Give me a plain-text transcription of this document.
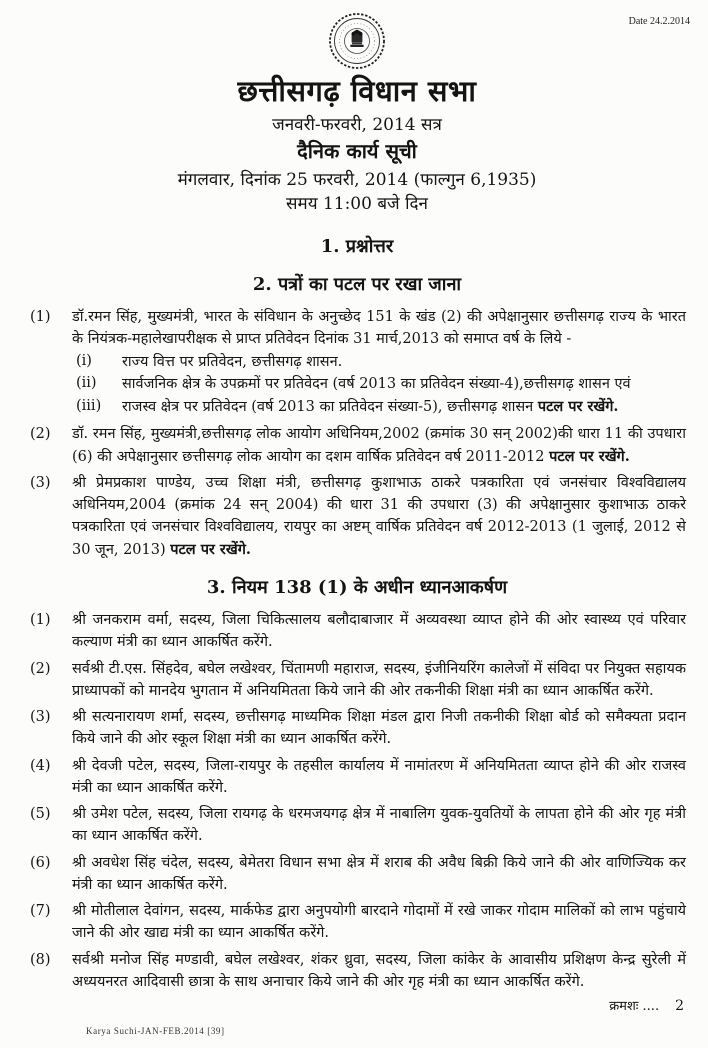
Date 24.2.2014
छत्तीसगढ़ विधान सभा
जनवरी-फरवरी, 2014 सत्र
दैनिक कार्य सूची
मंगलवार, दिनांक 25 फरवरी, 2014 (फाल्गुन 6,1935)
समय 11:00 बजे दिन
1. प्रश्नोत्तर
2. पत्रों का पटल पर रखा जाना
(1)	डॉ.रमन सिंह, मुख्यमंत्री, भारत के संविधान के अनुच्छेद 151 के खंड (2) की अपेक्षानुसार छत्तीसगढ़ राज्य के भारत के नियंत्रक-महालेखापरीक्षक से प्राप्त प्रतिवेदन दिनांक 31 मार्च,2013 को समाप्त वर्ष के लिये -
(i)	राज्य वित्त पर प्रतिवेदन, छत्तीसगढ़ शासन.
(ii)	सार्वजनिक क्षेत्र के उपक्रमों पर प्रतिवेदन (वर्ष 2013 का प्रतिवेदन संख्या-4),छत्तीसगढ़ शासन एवं
(iii)	राजस्व क्षेत्र पर प्रतिवेदन (वर्ष 2013 का प्रतिवेदन संख्या-5), छत्तीसगढ़ शासन पटल पर रखेंगे.
(2)	डॉ. रमन सिंह, मुख्यमंत्री,छत्तीसगढ़ लोक आयोग अधिनियम,2002 (क्रमांक 30 सन् 2002)की धारा 11 की उपधारा (6) की अपेक्षानुसार छत्तीसगढ़ लोक आयोग का दशम वार्षिक प्रतिवेदन वर्ष 2011-2012 पटल पर रखेंगे.
(3)	श्री प्रेमप्रकाश पाण्डेय, उच्च शिक्षा मंत्री, छत्तीसगढ़ कुशाभाऊ ठाकरे पत्रकारिता एवं जनसंचार विश्वविद्यालय अधिनियम,2004 (क्रमांक 24 सन् 2004) की धारा 31 की उपधारा (3) की अपेक्षानुसार कुशाभाऊ ठाकरे पत्रकारिता एवं जनसंचार विश्वविद्यालय, रायपुर का अष्टम् वार्षिक प्रतिवेदन वर्ष 2012-2013 (1 जुलाई, 2012 से 30 जून, 2013) पटल पर रखेंगे.
3. नियम 138 (1) के अधीन ध्यानआकर्षण
(1)	श्री जनकराम वर्मा, सदस्य, जिला चिकित्सालय बलौदाबाजार में अव्यवस्था व्याप्त होने की ओर स्वास्थ्य एवं परिवार कल्याण मंत्री का ध्यान आकर्षित करेंगे.
(2)	सर्वश्री टी.एस. सिंहदेव, बघेल लखेश्वर, चिंतामणी महाराज, सदस्य, इंजीनियरिंग कालेजों में संविदा पर नियुक्त सहायक प्राध्यापकों को मानदेय भुगतान में अनियमितता किये जाने की ओर तकनीकी शिक्षा मंत्री का ध्यान आकर्षित करेंगे.
(3)	श्री सत्यनारायण शर्मा, सदस्य, छत्तीसगढ़ माध्यमिक शिक्षा मंडल द्वारा निजी तकनीकी शिक्षा बोर्ड को समैक्यता प्रदान किये जाने की ओर स्कूल शिक्षा मंत्री का ध्यान आकर्षित करेंगे.
(4)	श्री देवजी पटेल, सदस्य, जिला-रायपुर के तहसील कार्यालय में नामांतरण में अनियमितता व्याप्त होने की ओर राजस्व मंत्री का ध्यान आकर्षित करेंगे.
(5)	श्री उमेश पटेल, सदस्य, जिला रायगढ़ के धरमजयगढ़ क्षेत्र में नाबालिग युवक-युवतियों के लापता होने की ओर गृह मंत्री का ध्यान आकर्षित करेंगे.
(6)	श्री अवधेश सिंह चंदेल, सदस्य, बेमेतरा विधान सभा क्षेत्र में शराब की अवैध बिक्री किये जाने की ओर वाणिज्यिक कर मंत्री का ध्यान आकर्षित करेंगे.
(7)	श्री मोतीलाल देवांगन, सदस्य, मार्कफेड द्वारा अनुपयोगी बारदाने गोदामों में रखे जाकर गोदाम मालिकों को लाभ पहुंचाये जाने की ओर खाद्य मंत्री का ध्यान आकर्षित करेंगे.
(8)	सर्वश्री मनोज सिंह मण्डावी, बघेल लखेश्वर, शंकर ध्रुवा, सदस्य, जिला कांकेर के आवासीय प्रशिक्षण केन्द्र सुरेली में अध्ययनरत आदिवासी छात्रा के साथ अनाचार किये जाने की ओर गृह मंत्री का ध्यान आकर्षित करेंगे.
क्रमशः .... 2
Karya Suchi-JAN-FEB.2014 [39]
